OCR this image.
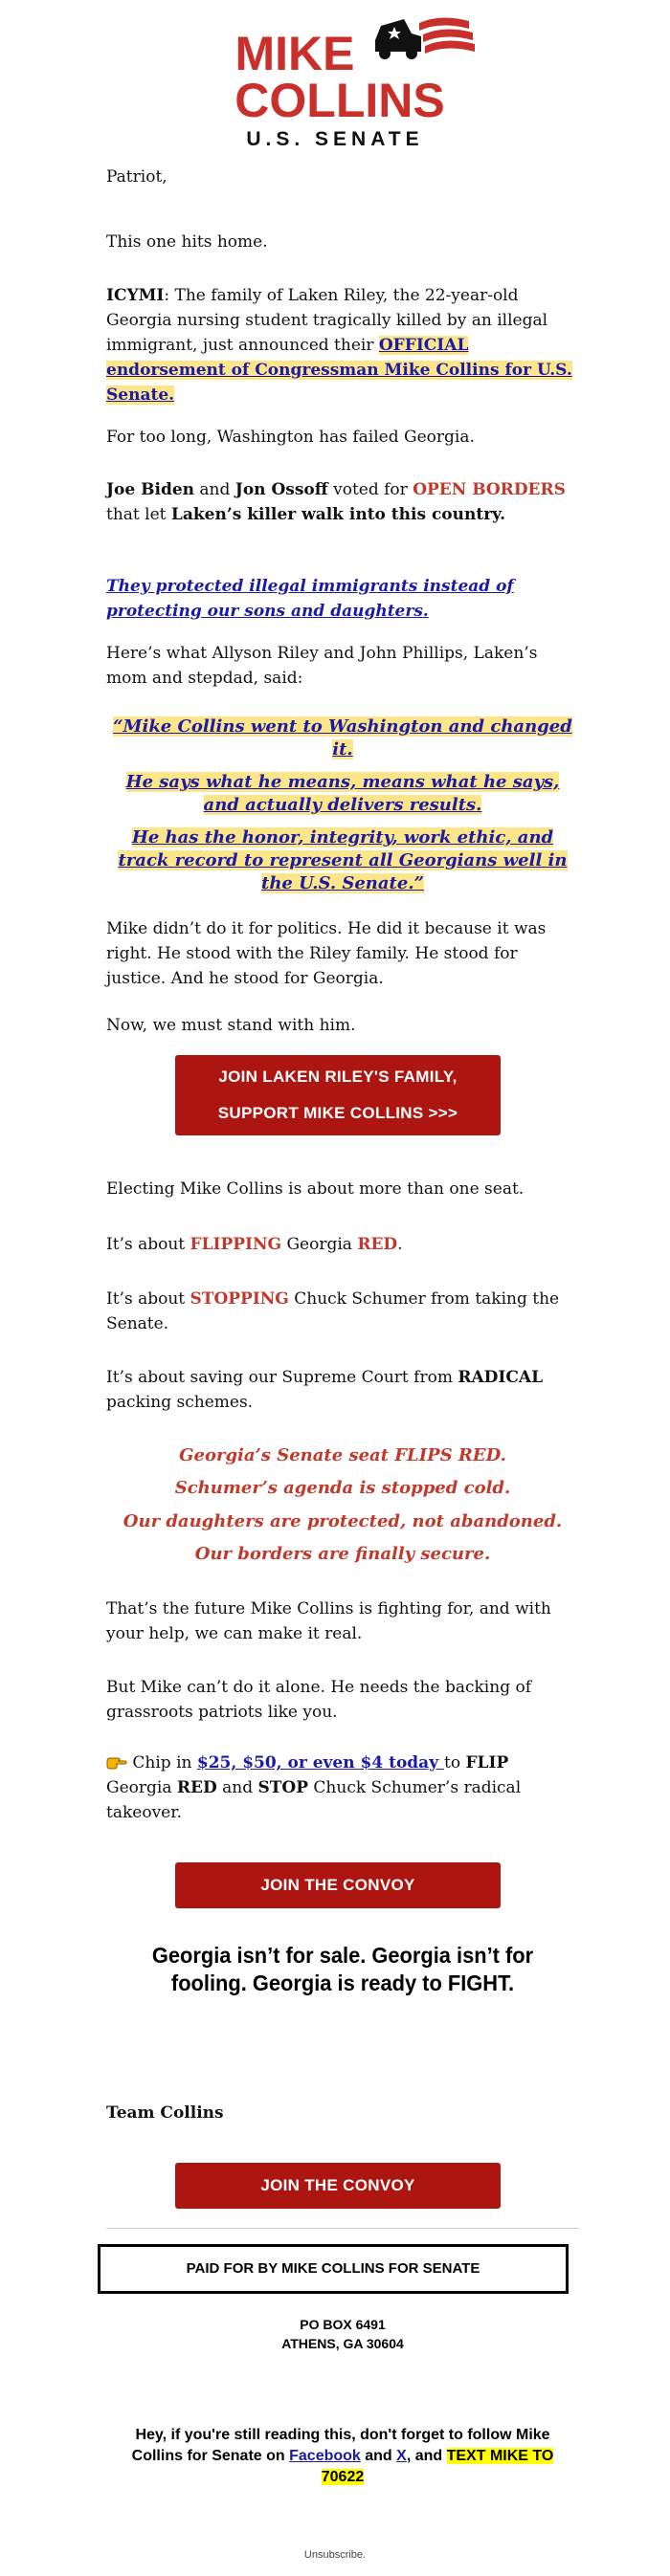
MIKE
COLLINS
U.S. SENATE
Patriot,
This one hits home.
ICYMI: The family of Laken Riley, the 22-year-old Georgia nursing student tragically killed by an illegal immigrant, just announced their OFFICIAL endorsement of Congressman Mike Collins for U.S. Senate.
For too long, Washington has failed Georgia.
Joe Biden and Jon Ossoff voted for OPEN BORDERS that let Laken’s killer walk into this country.
They protected illegal immigrants instead of protecting our sons and daughters.
Here’s what Allyson Riley and John Phillips, Laken’s mom and stepdad, said:
“Mike Collins went to Washington and changed it.
He says what he means, means what he says, and actually delivers results.
He has the honor, integrity, work ethic, and track record to represent all Georgians well in the U.S. Senate.”
Mike didn’t do it for politics. He did it because it was right. He stood with the Riley family. He stood for justice. And he stood for Georgia.
Now, we must stand with him.
JOIN LAKEN RILEY'S FAMILY,
SUPPORT MIKE COLLINS >>>
Electing Mike Collins is about more than one seat.
It’s about FLIPPING Georgia RED.
It’s about STOPPING Chuck Schumer from taking the Senate.
It’s about saving our Supreme Court from RADICAL packing schemes.
Georgia’s Senate seat FLIPS RED.
Schumer’s agenda is stopped cold.
Our daughters are protected, not abandoned.
Our borders are finally secure.
That’s the future Mike Collins is fighting for, and with your help, we can make it real.
But Mike can’t do it alone. He needs the backing of grassroots patriots like you.
Chip in $25, $50, or even $4 today to FLIP Georgia RED and STOP Chuck Schumer’s radical takeover.
JOIN THE CONVOY
Georgia isn’t for sale. Georgia isn’t for fooling. Georgia is ready to FIGHT.
Team Collins
JOIN THE CONVOY
PAID FOR BY MIKE COLLINS FOR SENATE
PO BOX 6491
ATHENS, GA 30604
Hey, if you're still reading this, don't forget to follow Mike Collins for Senate on Facebook and X, and TEXT MIKE TO 70622
Unsubscribe.
